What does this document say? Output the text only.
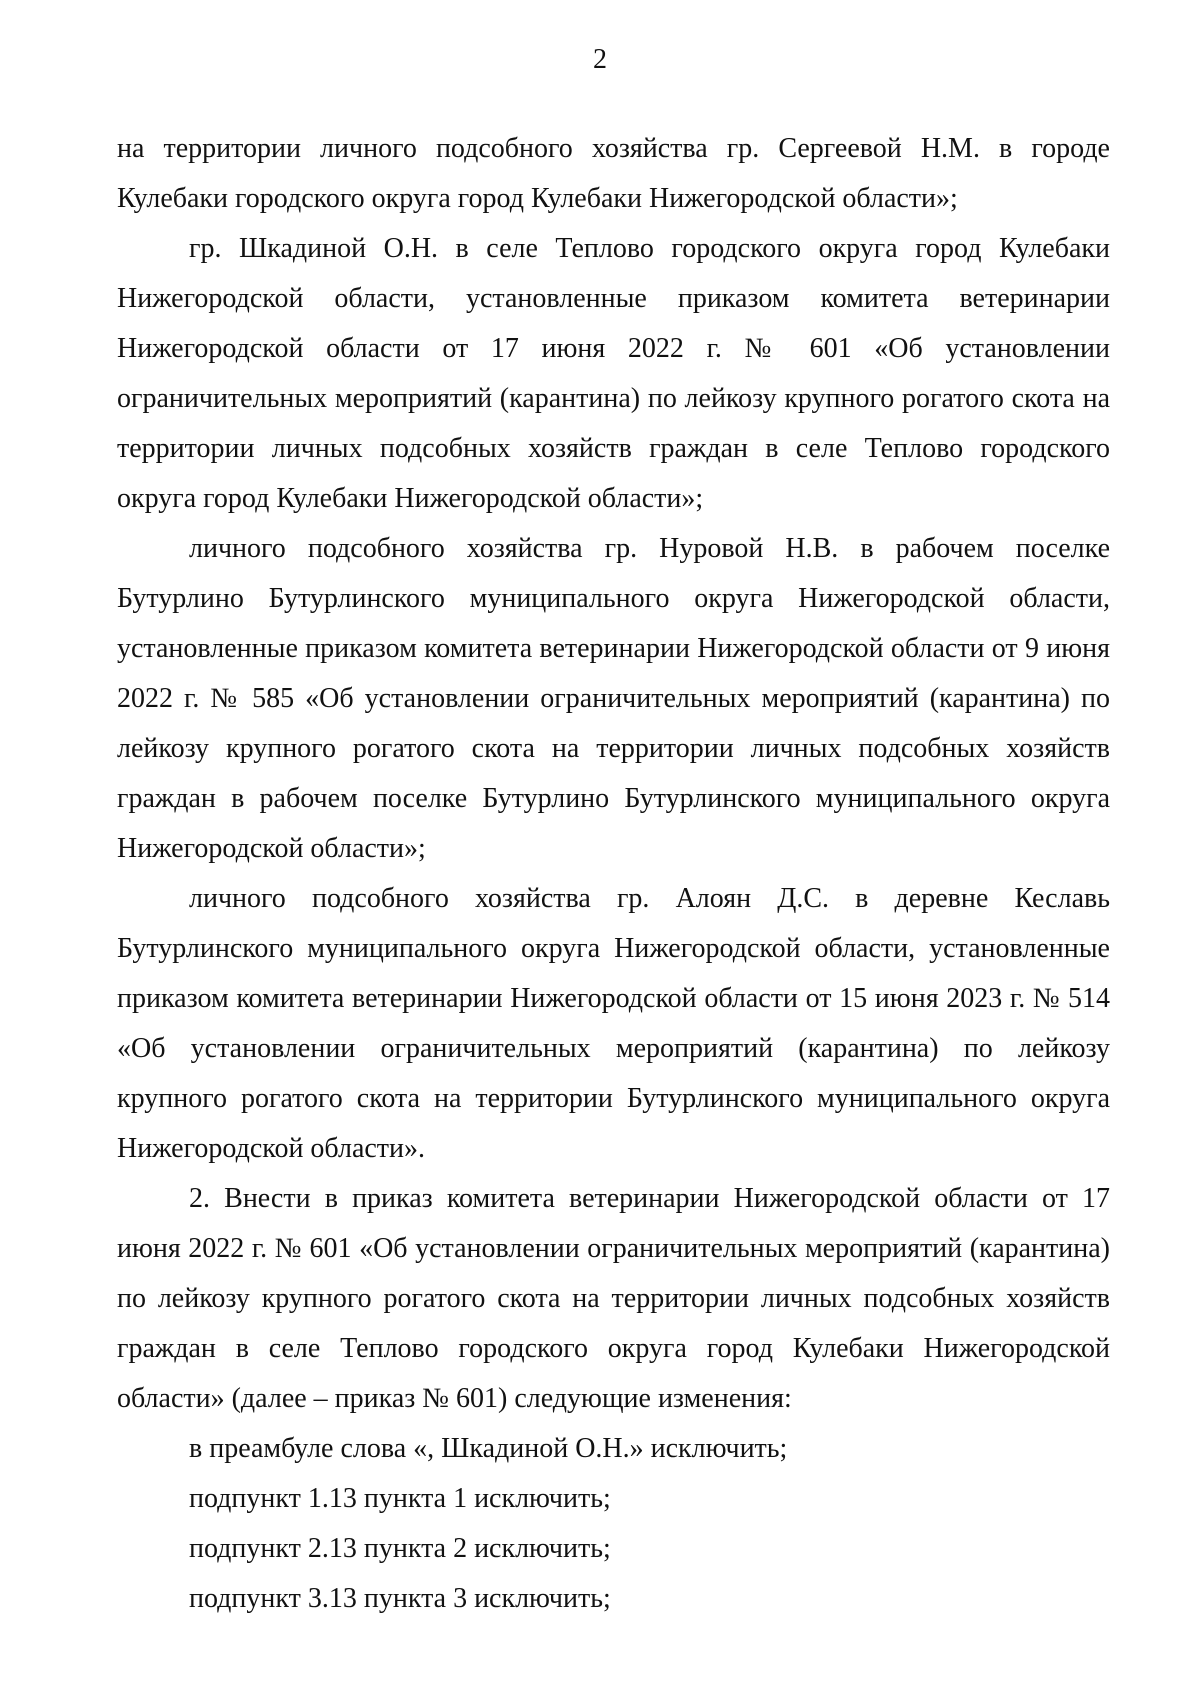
2

на территории личного подсобного хозяйства гр. Сергеевой Н.М. в городе Кулебаки городского округа город Кулебаки Нижегородской области»;

гр. Шкадиной О.Н. в селе Теплово городского округа город Кулебаки Нижегородской области, установленные приказом комитета ветеринарии Нижегородской области от 17 июня 2022 г. № 601 «Об установлении ограничительных мероприятий (карантина) по лейкозу крупного рогатого скота на территории личных подсобных хозяйств граждан в селе Теплово городского округа город Кулебаки Нижегородской области»;

личного подсобного хозяйства гр. Нуровой Н.В. в рабочем поселке Бутурлино Бутурлинского муниципального округа Нижегородской области, установленные приказом комитета ветеринарии Нижегородской области от 9 июня 2022 г. № 585 «Об установлении ограничительных мероприятий (карантина) по лейкозу крупного рогатого скота на территории личных подсобных хозяйств граждан в рабочем поселке Бутурлино Бутурлинского муниципального округа Нижегородской области»;

личного подсобного хозяйства гр. Алоян Д.С. в деревне Кеславь Бутурлинского муниципального округа Нижегородской области, установленные приказом комитета ветеринарии Нижегородской области от 15 июня 2023 г. № 514 «Об установлении ограничительных мероприятий (карантина) по лейкозу крупного рогатого скота на территории Бутурлинского муниципального округа Нижегородской области».

2. Внести в приказ комитета ветеринарии Нижегородской области от 17 июня 2022 г. № 601 «Об установлении ограничительных мероприятий (карантина) по лейкозу крупного рогатого скота на территории личных подсобных хозяйств граждан в селе Теплово городского округа город Кулебаки Нижегородской области» (далее – приказ № 601) следующие изменения:

в преамбуле слова «, Шкадиной О.Н.» исключить;

подпункт 1.13 пункта 1 исключить;

подпункт 2.13 пункта 2 исключить;

подпункт 3.13 пункта 3 исключить;
